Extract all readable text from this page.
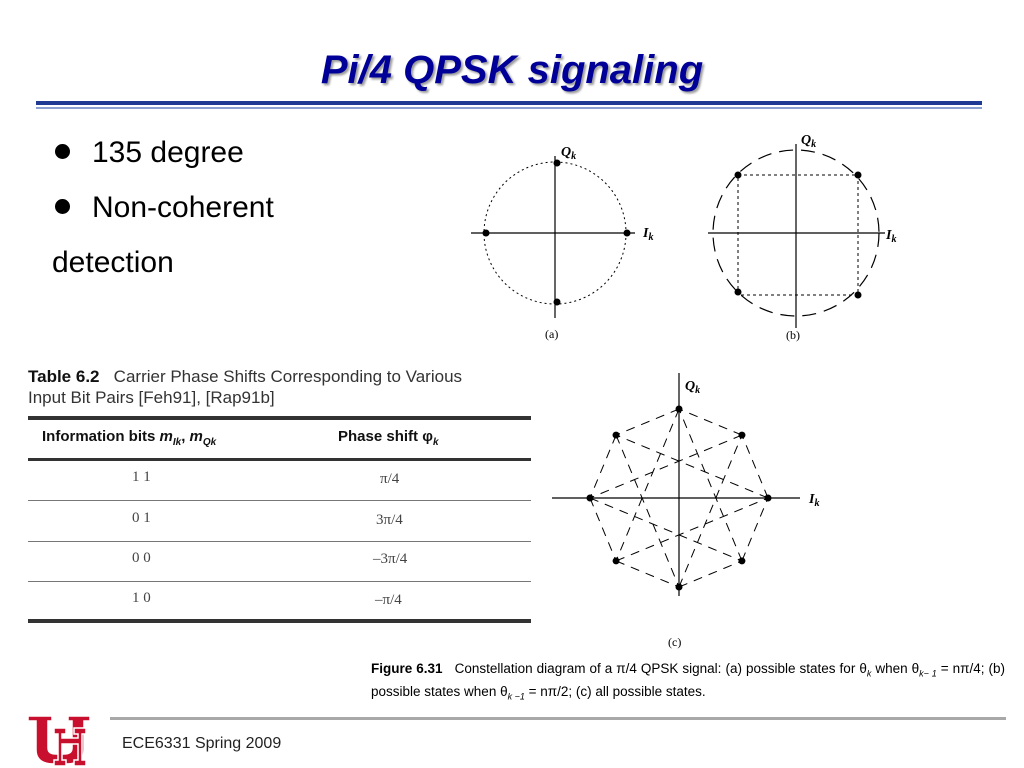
Pi/4 QPSK signaling
135 degree
Non-coherent
detection
$Q_k$
$I_k$
(a)
$Q_k$
$I_k$
(b)
$Q_k$
$I_k$
(c)
Table 6.2 Carrier Phase Shifts Corresponding to Various
Input Bit Pairs [Feh91], [Rap91b]
Information bits $m_{Ik}$, $m_{Qk}$	Phase shift $\varphi_k$
1 1	π/4
0 1	3π/4
0 0	–3π/4
1 0	–π/4
Figure 6.31 Constellation diagram of a π/4 QPSK signal: (a) possible states for $\theta_k$ when $\theta_{k- 1} = n\pi/4$; (b) possible states when $\theta_{k -1} = n\pi/2$; (c) all possible states.
ECE6331 Spring 2009
